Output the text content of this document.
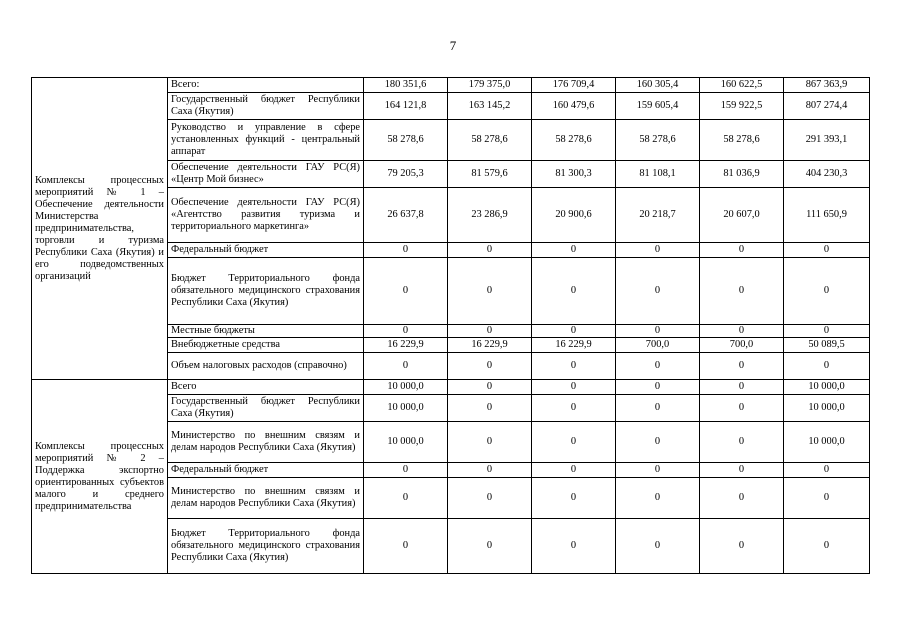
7
Комплексы процессных мероприятий № 1 – Обеспечение деятельности Министерства предпринимательства, торговли и туризма Республики Саха (Якутия) и его подведомственных организаций	Всего:	180 351,6	179 375,0	176 709,4	160 305,4	160 622,5	867 363,9
	Государственный бюджет Республики Саха (Якутия)	164 121,8	163 145,2	160 479,6	159 605,4	159 922,5	807 274,4
	Руководство и управление в сфере установленных функций - центральный аппарат	58 278,6	58 278,6	58 278,6	58 278,6	58 278,6	291 393,1
	Обеспечение деятельности ГАУ РС(Я) «Центр Мой бизнес»	79 205,3	81 579,6	81 300,3	81 108,1	81 036,9	404 230,3
	Обеспечение деятельности ГАУ РС(Я) «Агентство развития туризма и территориального маркетинга»	26 637,8	23 286,9	20 900,6	20 218,7	20 607,0	111 650,9
	Федеральный бюджет	0	0	0	0	0	0
	Бюджет Территориального фонда обязательного медицинского страхования Республики Саха (Якутия)	0	0	0	0	0	0
	Местные бюджеты	0	0	0	0	0	0
	Внебюджетные средства	16 229,9	16 229,9	16 229,9	700,0	700,0	50 089,5
	Объем налоговых расходов (справочно)	0	0	0	0	0	0
Комплексы процессных мероприятий № 2 – Поддержка экспортно ориентированных субъектов малого и среднего предпринимательства	Всего	10 000,0	0	0	0	0	10 000,0
	Государственный бюджет Республики Саха (Якутия)	10 000,0	0	0	0	0	10 000,0
	Министерство по внешним связям и делам народов Республики Саха (Якутия)	10 000,0	0	0	0	0	10 000,0
	Федеральный бюджет	0	0	0	0	0	0
	Министерство по внешним связям и делам народов Республики Саха (Якутия)	0	0	0	0	0	0
	Бюджет Территориального фонда обязательного медицинского страхования Республики Саха (Якутия)	0	0	0	0	0	0
